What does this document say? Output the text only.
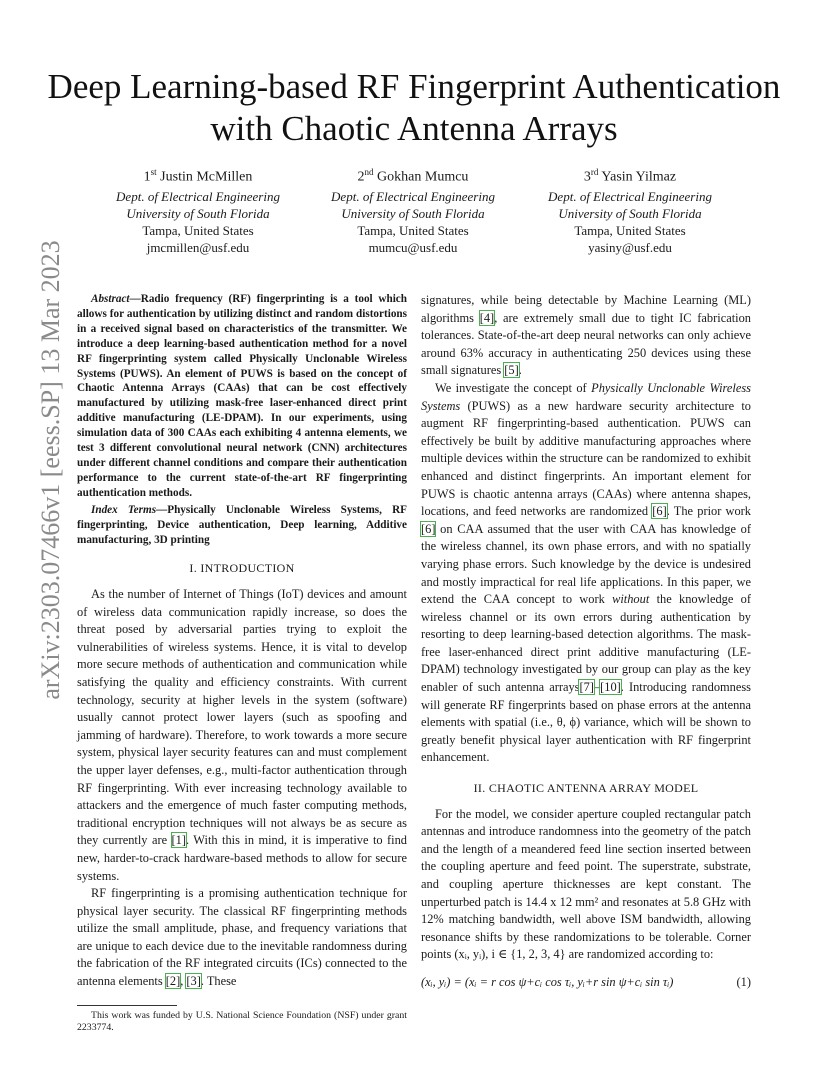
arXiv:2303.07466v1 [eess.SP] 13 Mar 2023
Deep Learning-based RF Fingerprint Authentication with Chaotic Antenna Arrays
1st Justin McMillen
Dept. of Electrical Engineering
University of South Florida
Tampa, United States
jmcmillen@usf.edu
2nd Gokhan Mumcu
Dept. of Electrical Engineering
University of South Florida
Tampa, United States
mumcu@usf.edu
3rd Yasin Yilmaz
Dept. of Electrical Engineering
University of South Florida
Tampa, United States
yasiny@usf.edu

Abstract—Radio frequency (RF) fingerprinting is a tool which allows for authentication by utilizing distinct and random distortions in a received signal based on characteristics of the transmitter. We introduce a deep learning-based authentication method for a novel RF fingerprinting system called Physically Unclonable Wireless Systems (PUWS). An element of PUWS is based on the concept of Chaotic Antenna Arrays (CAAs) that can be cost effectively manufactured by utilizing mask-free laser-enhanced direct print additive manufacturing (LE-DPAM). In our experiments, using simulation data of 300 CAAs each exhibiting 4 antenna elements, we test 3 different convolutional neural network (CNN) architectures under different channel conditions and compare their authentication performance to the current state-of-the-art RF fingerprinting authentication methods.

Index Terms—Physically Unclonable Wireless Systems, RF fingerprinting, Device authentication, Deep learning, Additive manufacturing, 3D printing

I. INTRODUCTION

As the number of Internet of Things (IoT) devices and amount of wireless data communication rapidly increase, so does the threat posed by adversarial parties trying to exploit the vulnerabilities of wireless systems. Hence, it is vital to develop more secure methods of authentication and communication while satisfying the quality and efficiency constraints. With current technology, security at higher levels in the system (software) usually cannot protect lower layers (such as spoofing and jamming of hardware). Therefore, to work towards a more secure system, physical layer security features can and must complement the upper layer defenses, e.g., multi-factor authentication through RF fingerprinting. With ever increasing technology available to attackers and the emergence of much faster computing methods, traditional encryption techniques will not always be as secure as they currently are [1]. With this in mind, it is imperative to find new, harder-to-crack hardware-based methods to allow for secure systems.

RF fingerprinting is a promising authentication technique for physical layer security. The classical RF fingerprinting methods utilize the small amplitude, phase, and frequency variations that are unique to each device due to the inevitable randomness during the fabrication of the RF integrated circuits (ICs) connected to the antenna elements [2], [3]. These

This work was funded by U.S. National Science Foundation (NSF) under grant 2233774.

signatures, while being detectable by Machine Learning (ML) algorithms [4], are extremely small due to tight IC fabrication tolerances. State-of-the-art deep neural networks can only achieve around 63% accuracy in authenticating 250 devices using these small signatures [5].

We investigate the concept of Physically Unclonable Wireless Systems (PUWS) as a new hardware security architecture to augment RF fingerprinting-based authentication. PUWS can effectively be built by additive manufacturing approaches where multiple devices within the structure can be randomized to exhibit enhanced and distinct fingerprints. An important element for PUWS is chaotic antenna arrays (CAAs) where antenna shapes, locations, and feed networks are randomized [6]. The prior work [6] on CAA assumed that the user with CAA has knowledge of the wireless channel, its own phase errors, and with no spatially varying phase errors. Such knowledge by the device is undesired and mostly impractical for real life applications. In this paper, we extend the CAA concept to work without the knowledge of wireless channel or its own errors during authentication by resorting to deep learning-based detection algorithms. The mask-free laser-enhanced direct print additive manufacturing (LE-DPAM) technology investigated by our group can play as the key enabler of such antenna arrays[7]–[10]. Introducing randomness will generate RF fingerprints based on phase errors at the antenna elements with spatial (i.e., θ, ϕ) variance, which will be shown to greatly benefit physical layer authentication with RF fingerprint enhancement.

II. CHAOTIC ANTENNA ARRAY MODEL

For the model, we consider aperture coupled rectangular patch antennas and introduce randomness into the geometry of the patch and the length of a meandered feed line section inserted between the coupling aperture and feed point. The superstrate, substrate, and coupling aperture thicknesses are kept constant. The unperturbed patch is 14.4 x 12 mm² and resonates at 5.8 GHz with 12% matching bandwidth, well above ISM bandwidth, allowing resonance shifts by these randomizations to be tolerable. Corner points (xᵢ, yᵢ), i ∈ {1, 2, 3, 4} are randomized according to:

(xᵢ, yᵢ) = (xᵢ = r cos ψ+cᵢ cos τᵢ, yᵢ+r sin ψ+cᵢ sin τᵢ)	(1)
